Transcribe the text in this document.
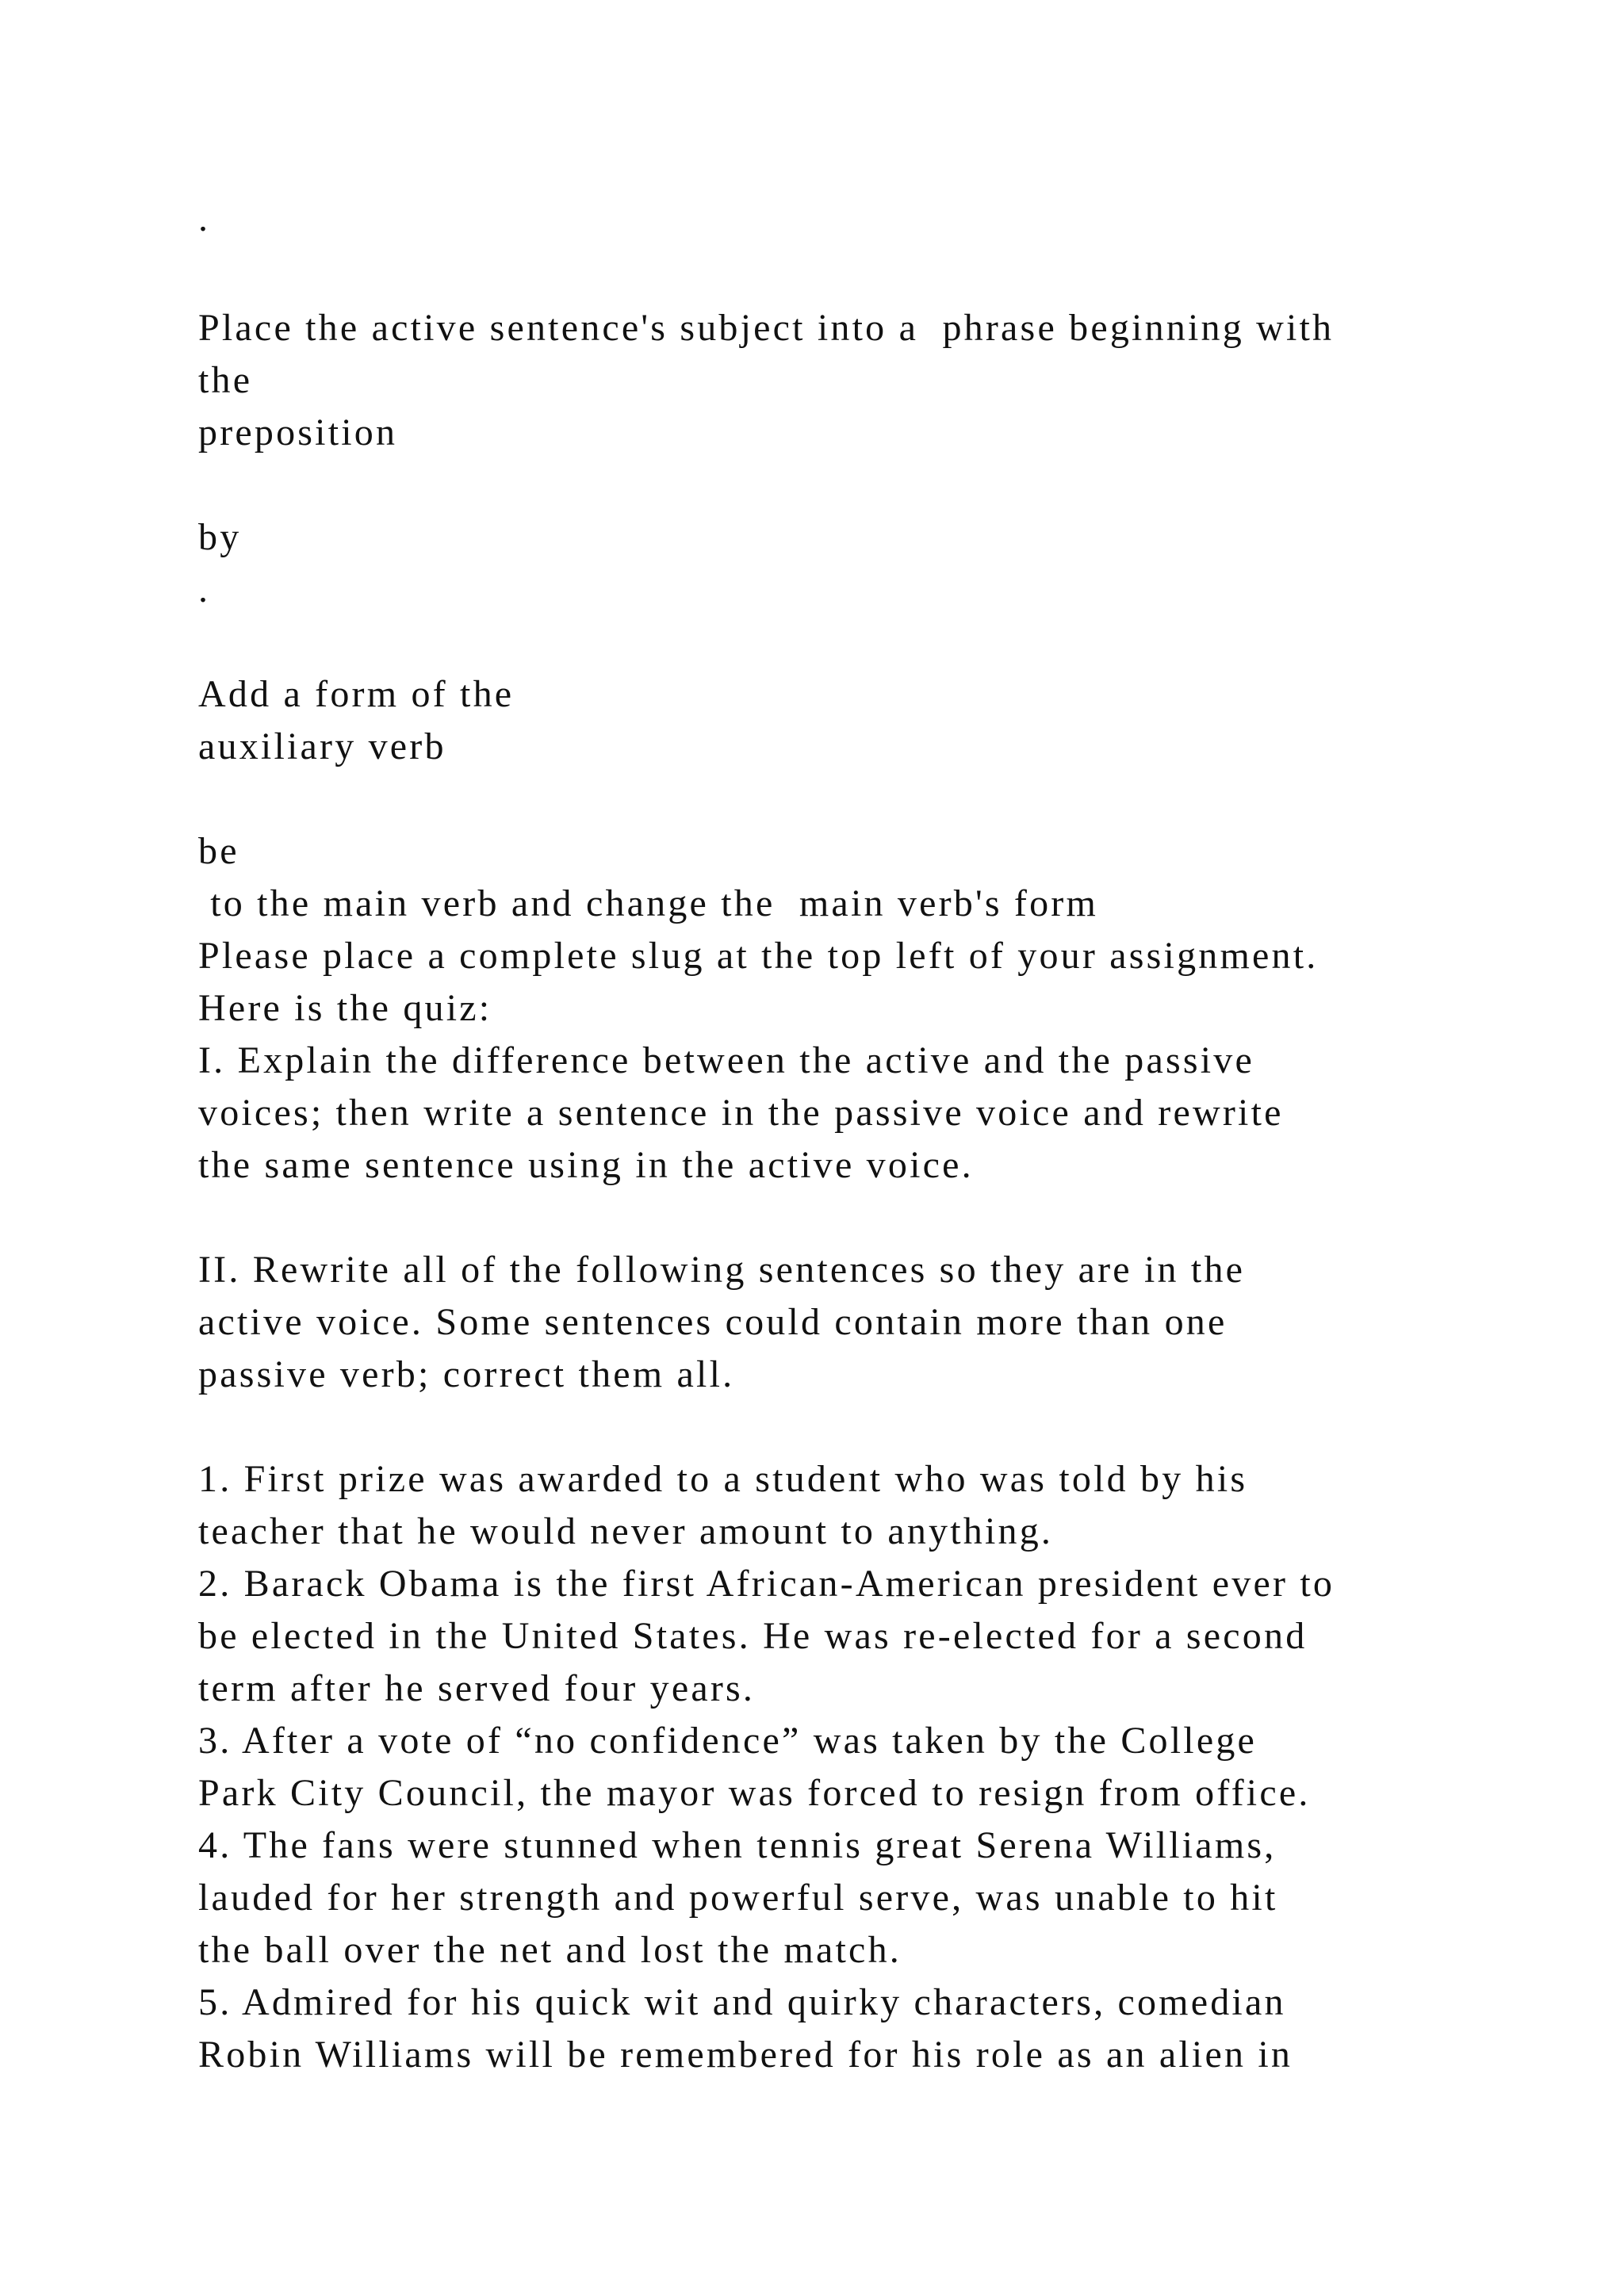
.

Place the active sentence's subject into a  phrase beginning with

the

preposition

by

.

Add a form of the

auxiliary verb

be

to the main verb and change the  main verb's form

Please place a complete slug at the top left of your assignment.

Here is the quiz:

I. Explain the difference between the active and the passive

voices; then write a sentence in the passive voice and rewrite

the same sentence using in the active voice.

II. Rewrite all of the following sentences so they are in the

active voice. Some sentences could contain more than one

passive verb; correct them all.

1. First prize was awarded to a student who was told by his

teacher that he would never amount to anything.

2. Barack Obama is the first African-American president ever to

be elected in the United States. He was re-elected for a second

term after he served four years.

3. After a vote of “no confidence” was taken by the College

Park City Council, the mayor was forced to resign from office.

4. The fans were stunned when tennis great Serena Williams,

lauded for her strength and powerful serve, was unable to hit

the ball over the net and lost the match.

5. Admired for his quick wit and quirky characters, comedian

Robin Williams will be remembered for his role as an alien in
